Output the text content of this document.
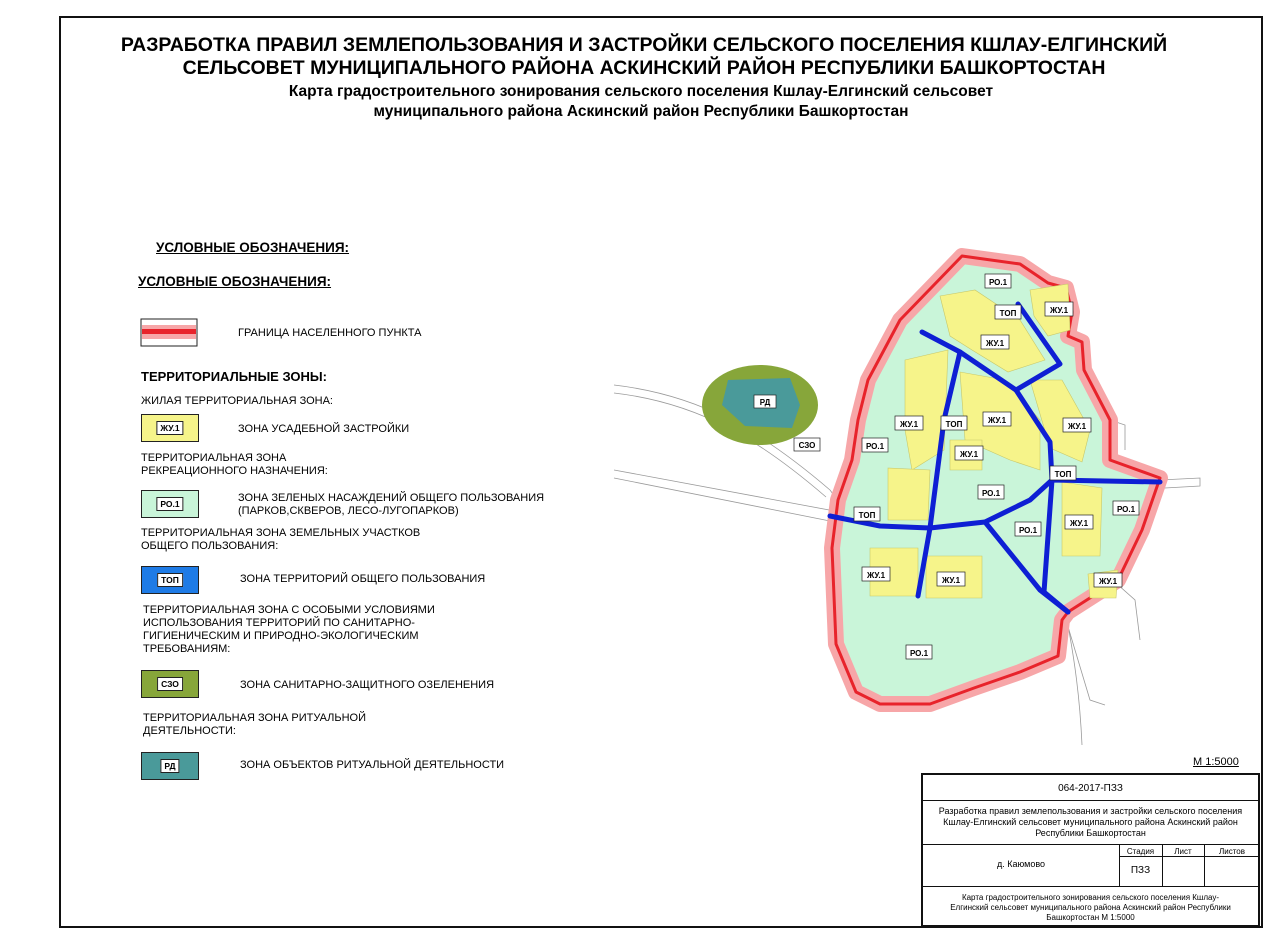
РАЗРАБОТКА ПРАВИЛ ЗЕМЛЕПОЛЬЗОВАНИЯ И ЗАСТРОЙКИ СЕЛЬСКОГО ПОСЕЛЕНИЯ КШЛАУ-ЕЛГИНСКИЙ
СЕЛЬСОВЕТ МУНИЦИПАЛЬНОГО РАЙОНА АСКИНСКИЙ РАЙОН РЕСПУБЛИКИ БАШКОРТОСТАН
Карта градостроительного зонирования сельского поселения Кшлау-Елгинский сельсовет
муниципального района Аскинский район Республики Башкортостан
УСЛОВНЫЕ ОБОЗНАЧЕНИЯ:
УСЛОВНЫЕ ОБОЗНАЧЕНИЯ:
ГРАНИЦА НАСЕЛЕННОГО ПУНКТА
ТЕРРИТОРИАЛЬНЫЕ ЗОНЫ:
ЖИЛАЯ ТЕРРИТОРИАЛЬНАЯ ЗОНА:
ЖУ.1	ЗОНА УСАДЕБНОЙ ЗАСТРОЙКИ
ТЕРРИТОРИАЛЬНАЯ ЗОНА РЕКРЕАЦИОННОГО НАЗНАЧЕНИЯ:
РО.1	ЗОНА ЗЕЛЕНЫХ НАСАЖДЕНИЙ ОБЩЕГО ПОЛЬЗОВАНИЯ (ПАРКОВ,СКВЕРОВ, ЛЕСО-ЛУГОПАРКОВ)
ТЕРРИТОРИАЛЬНАЯ ЗОНА ЗЕМЕЛЬНЫХ УЧАСТКОВ ОБЩЕГО ПОЛЬЗОВАНИЯ:
ТОП	ЗОНА ТЕРРИТОРИЙ ОБЩЕГО ПОЛЬЗОВАНИЯ
ТЕРРИТОРИАЛЬНАЯ ЗОНА С ОСОБЫМИ УСЛОВИЯМИ ИСПОЛЬЗОВАНИЯ ТЕРРИТОРИЙ ПО САНИТАРНО-ГИГИЕНИЧЕСКИМ И ПРИРОДНО-ЭКОЛОГИЧЕСКИМ ТРЕБОВАНИЯМ:
СЗО	ЗОНА САНИТАРНО-ЗАЩИТНОГО ОЗЕЛЕНЕНИЯ
ТЕРРИТОРИАЛЬНАЯ ЗОНА РИТУАЛЬНОЙ ДЕЯТЕЛЬНОСТИ:
РД	ЗОНА ОБЪЕКТОВ РИТУАЛЬНОЙ ДЕЯТЕЛЬНОСТИ
РО.1
ЖУ.1
ТОП
ЖУ.1
ЖУ.1	ТОП	ЖУ.1
ЖУ.1
РО.1
ЖУ.1
ТОП
РО.1
РО.1
ТОП
ЖУ.1
РО.1
ЖУ.1
ЖУ.1	ЖУ.1
РО.1
РД
СЗО
М 1:5000
064-2017-ПЗЗ
Разработка правил землепользования и застройки сельского поселения Кшлау-Елгинский сельсовет муниципального района Аскинский район Республики Башкортостан
д. Каюмово
Стадия	Лист	Листов
ПЗЗ
Карта градостроительного зонирования сельского поселения Кшлау-Елгинский сельсовет муниципального района Аскинский район Республики Башкортостан М 1:5000
